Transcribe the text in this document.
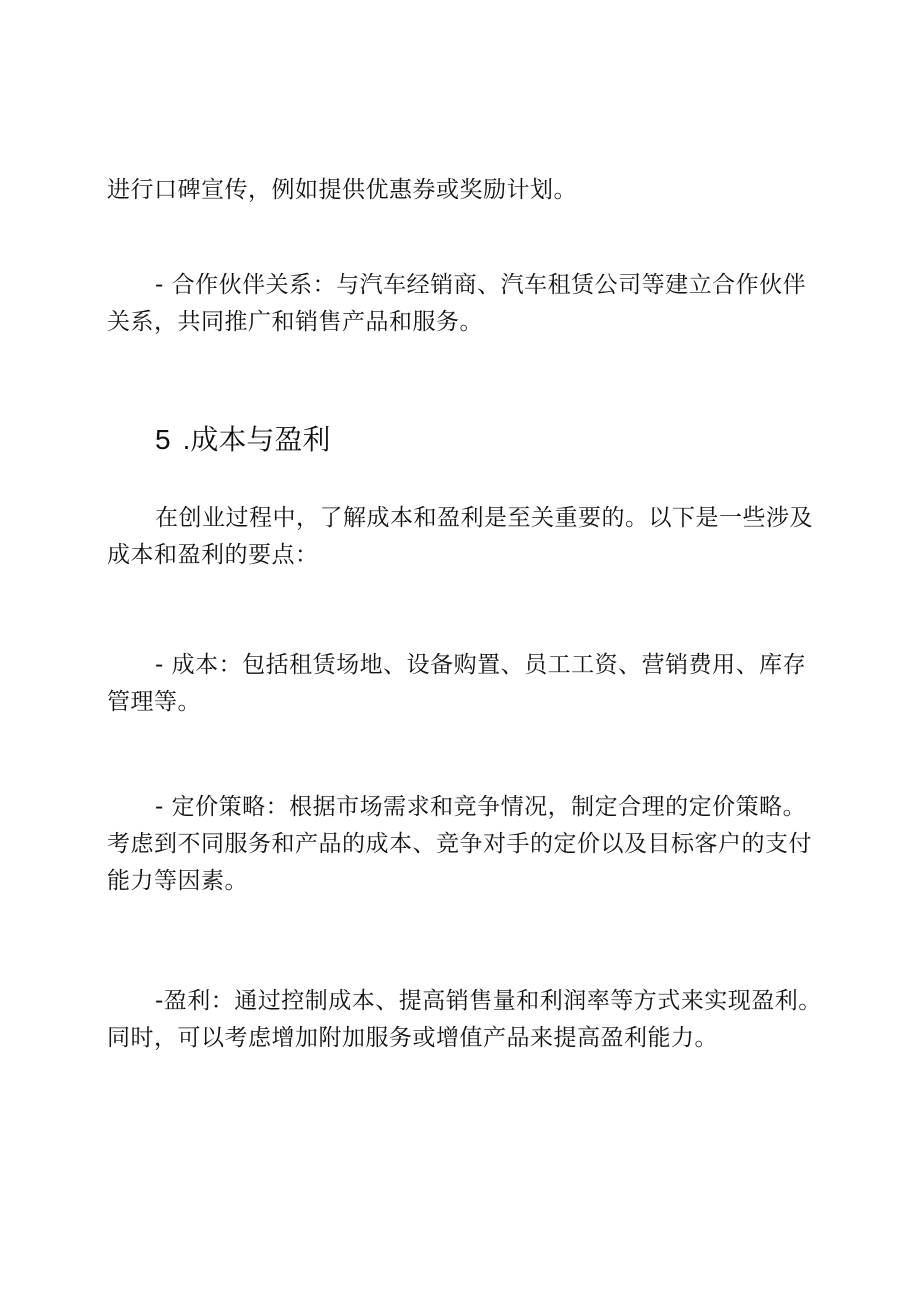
进行口碑宣传，例如提供优惠券或奖励计划。
- 合作伙伴关系：与汽车经销商、汽车租赁公司等建立合作伙伴
关系，共同推广和销售产品和服务。
5 .成本与盈利
在创业过程中，了解成本和盈利是至关重要的。以下是一些涉及
成本和盈利的要点：
- 成本：包括租赁场地、设备购置、员工工资、营销费用、库存
管理等。
- 定价策略：根据市场需求和竞争情况，制定合理的定价策略。
考虑到不同服务和产品的成本、竞争对手的定价以及目标客户的支付
能力等因素。
-盈利：通过控制成本、提高销售量和利润率等方式来实现盈利。
同时，可以考虑增加附加服务或增值产品来提高盈利能力。
